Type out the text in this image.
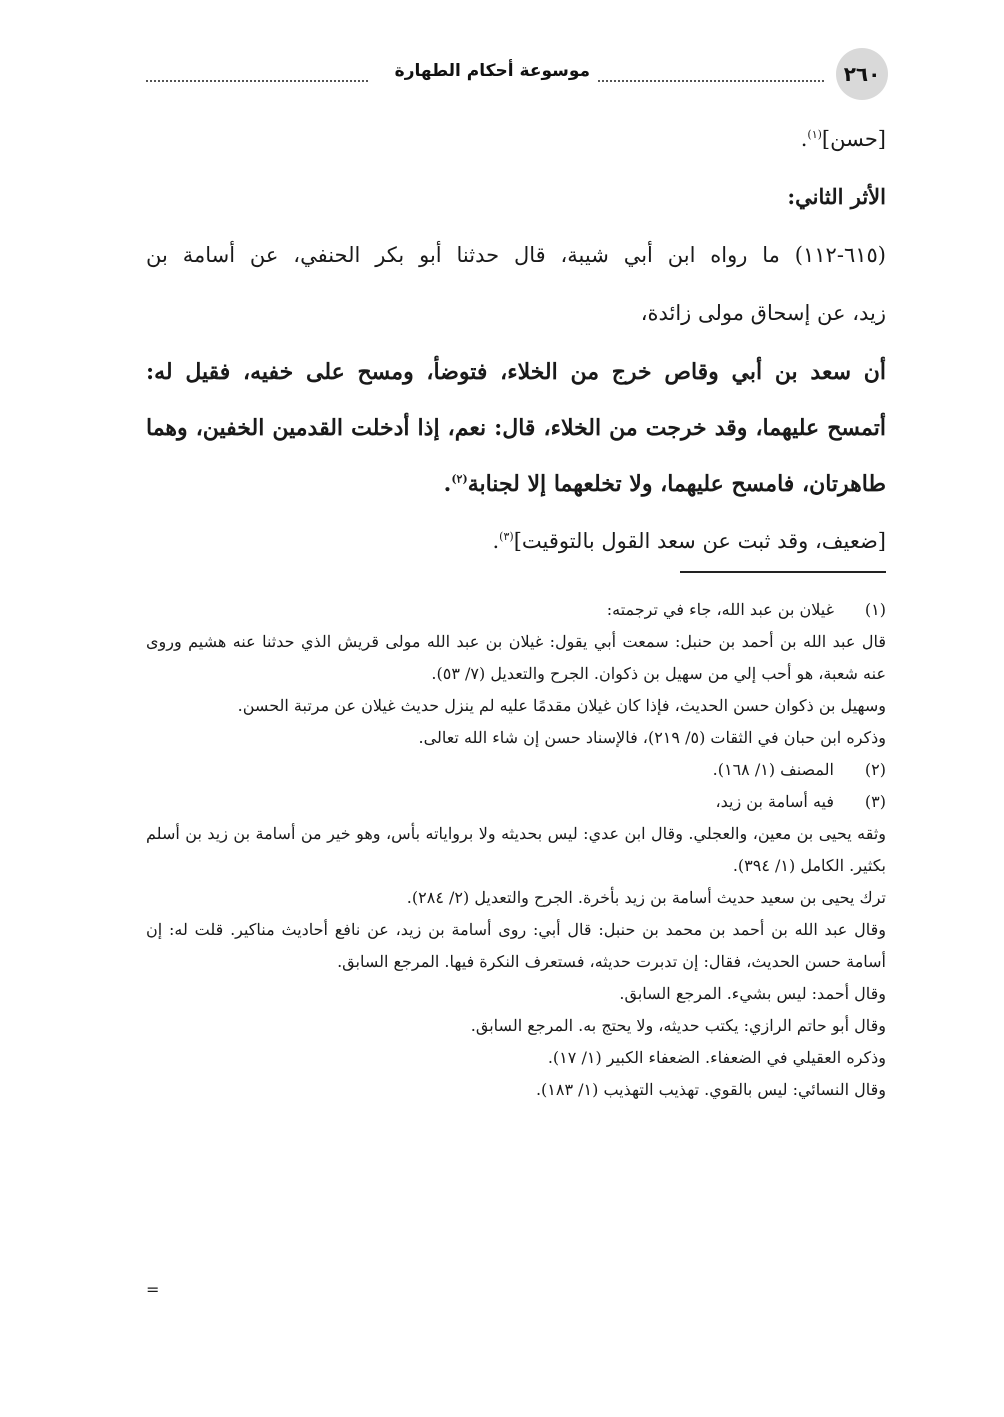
٢٦٠
موسوعة أحكام الطهارة

[حسن]$^{(١)}$.

الأثر الثاني:

(٦١٥-١١٢) ما رواه ابن أبي شيبة، قال حدثنا أبو بكر الحنفي، عن أسامة بن

زيد، عن إسحاق مولى زائدة،

أن سعد بن أبي وقاص خرج من الخلاء، فتوضأ، ومسح على خفيه، فقيل له:

أتمسح عليهما، وقد خرجت من الخلاء، قال: نعم، إذا أدخلت القدمين الخفين، وهما

طاهرتان، فامسح عليهما، ولا تخلعهما إلا لجنابة$^{(٢)}$.

[ضعيف، وقد ثبت عن سعد القول بالتوقيت]$^{(٣)}$.

(١)

غيلان بن عبد الله، جاء في ترجمته:

قال عبد الله بن أحمد بن حنبل: سمعت أبي يقول: غيلان بن عبد الله مولى قريش الذي حدثنا عنه هشيم وروى عنه شعبة، هو أحب إلي من سهيل بن ذكوان. الجرح والتعديل (٧/ ٥٣).

وسهيل بن ذكوان حسن الحديث، فإذا كان غيلان مقدمًا عليه لم ينزل حديث غيلان عن مرتبة الحسن.

وذكره ابن حبان في الثقات (٥/ ٢١٩)، فالإسناد حسن إن شاء الله تعالى.

(٢)

المصنف (١/ ١٦٨).

(٣)

فيه أسامة بن زيد،

وثقه يحيى بن معين، والعجلي. وقال ابن عدي: ليس بحديثه ولا برواياته بأس، وهو خير من أسامة بن زيد بن أسلم بكثير. الكامل (١/ ٣٩٤).

ترك يحيى بن سعيد حديث أسامة بن زيد بأخرة. الجرح والتعديل (٢/ ٢٨٤).

وقال عبد الله بن أحمد بن محمد بن حنبل: قال أبي: روى أسامة بن زيد، عن نافع أحاديث مناكير. قلت له: إن أسامة حسن الحديث، فقال: إن تدبرت حديثه، فستعرف النكرة فيها. المرجع السابق.

وقال أحمد: ليس بشيء. المرجع السابق.

وقال أبو حاتم الرازي: يكتب حديثه، ولا يحتج به. المرجع السابق.

وذكره العقيلي في الضعفاء. الضعفاء الكبير (١/ ١٧).

وقال النسائي: ليس بالقوي. تهذيب التهذيب (١/ ١٨٣).

=
